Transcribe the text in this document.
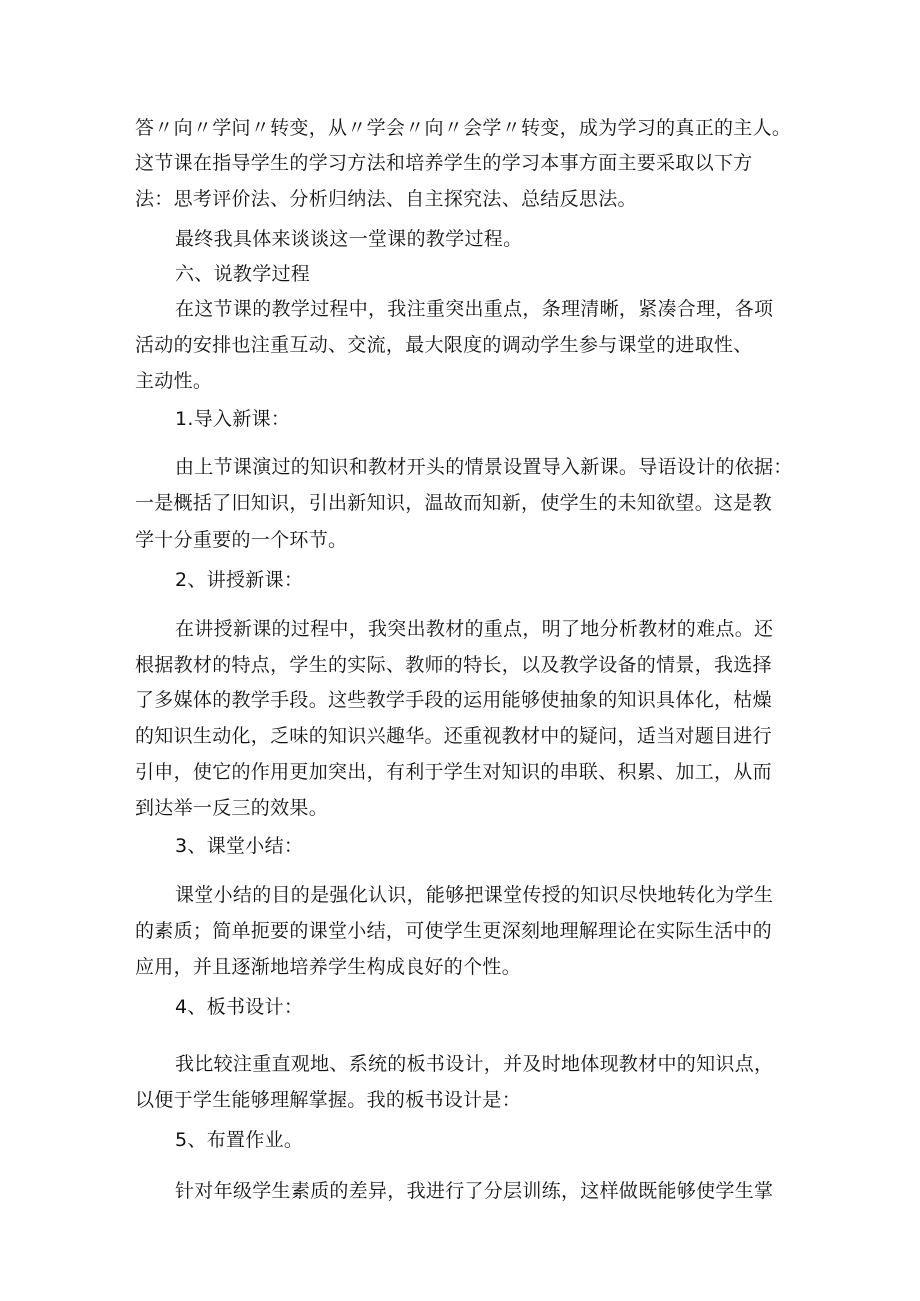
答〃向〃学问〃转变，从〃学会〃向〃会学〃转变，成为学习的真正的主人。
这节课在指导学生的学习方法和培养学生的学习本事方面主要采取以下方
法：思考评价法、分析归纳法、自主探究法、总结反思法。
最终我具体来谈谈这一堂课的教学过程。
六、说教学过程
在这节课的教学过程中，我注重突出重点，条理清晰，紧凑合理，各项
活动的安排也注重互动、交流，最大限度的调动学生参与课堂的进取性、
主动性。
1.导入新课：
由上节课演过的知识和教材开头的情景设置导入新课。导语设计的依据：
一是概括了旧知识，引出新知识，温故而知新，使学生的未知欲望。这是教
学十分重要的一个环节。
2、讲授新课：
在讲授新课的过程中，我突出教材的重点，明了地分析教材的难点。还
根据教材的特点，学生的实际、教师的特长，以及教学设备的情景，我选择
了多媒体的教学手段。这些教学手段的运用能够使抽象的知识具体化，枯燥
的知识生动化，乏味的知识兴趣华。还重视教材中的疑问，适当对题目进行
引申，使它的作用更加突出，有利于学生对知识的串联、积累、加工，从而
到达举一反三的效果。
3、课堂小结：
课堂小结的目的是强化认识，能够把课堂传授的知识尽快地转化为学生
的素质；简单扼要的课堂小结，可使学生更深刻地理解理论在实际生活中的
应用，并且逐渐地培养学生构成良好的个性。
4、板书设计：
我比较注重直观地、系统的板书设计，并及时地体现教材中的知识点，
以便于学生能够理解掌握。我的板书设计是：
5、布置作业。
针对年级学生素质的差异，我进行了分层训练，这样做既能够使学生掌
